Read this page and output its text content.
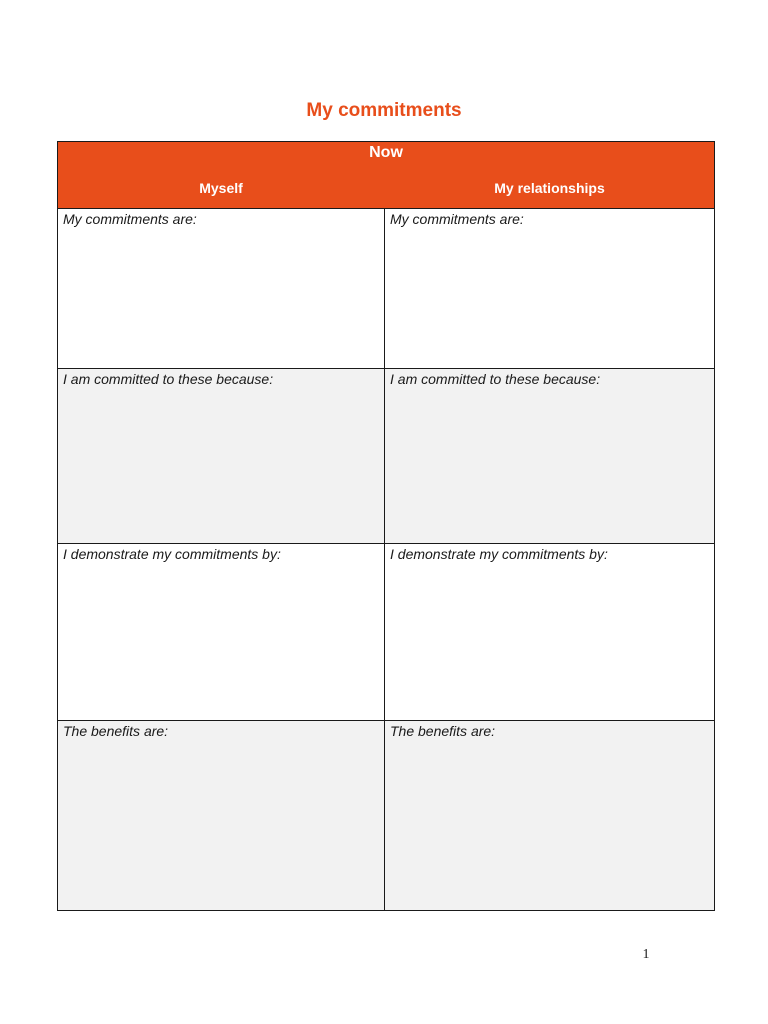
My commitments
Now
Myself	My relationships
My commitments are:	My commitments are:
I am committed to these because:	I am committed to these because:
I demonstrate my commitments by:	I demonstrate my commitments by:
The benefits are:	The benefits are:
1
